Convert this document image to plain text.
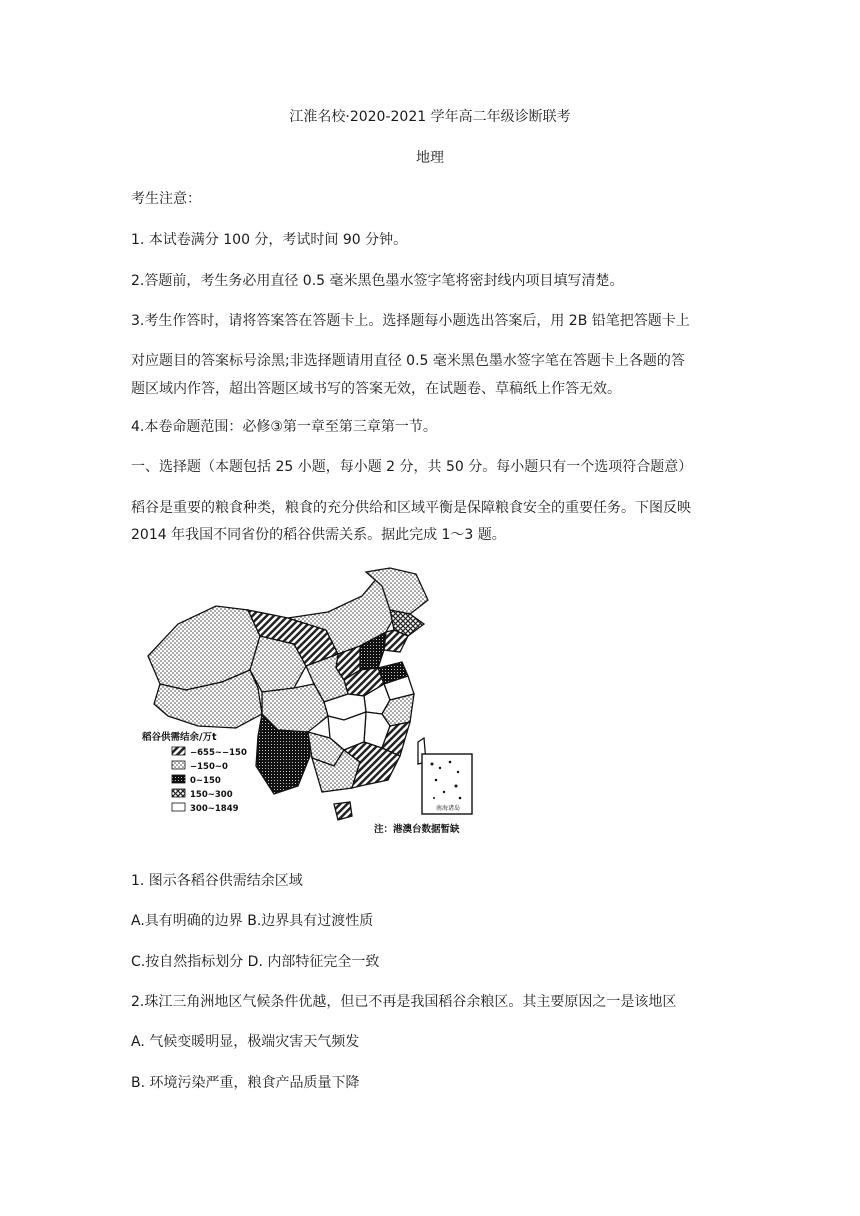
江淮名校·2020-2021 学年高二年级诊断联考
地理
考生注意：
1. 本试卷满分 100 分，考试时间 90 分钟。
2.答题前，考生务必用直径 0.5 毫米黑色墨水签字笔将密封线内项目填写清楚。
3.考生作答时，请将答案答在答题卡上。选择题每小题选出答案后，用 2B 铅笔把答题卡上
对应题目的答案标号涂黑;非选择题请用直径 0.5 毫米黑色墨水签字笔在答题卡上各题的答
题区域内作答，超出答题区域书写的答案无效，在试题卷、草稿纸上作答无效。
4.本卷命题范围：必修③第一章至第三章第一节。
一、选择题（本题包括 25 小题，每小题 2 分，共 50 分。每小题只有一个选项符合题意）
稻谷是重要的粮食种类，粮食的充分供给和区域平衡是保障粮食安全的重要任务。下图反映
2014 年我国不同省份的稻谷供需关系。据此完成 1～3 题。
南海诸岛
稻谷供需结余/万t
−655~−150
−150~0
0~150
150~300
300~1849
注：港澳台数据暂缺
1. 图示各稻谷供需结余区域
A.具有明确的边界 B.边界具有过渡性质
C.按自然指标划分 D. 内部特征完全一致
2.珠江三角洲地区气候条件优越，但已不再是我国稻谷余粮区。其主要原因之一是该地区
A. 气候变暖明显，极端灾害天气频发
B. 环境污染严重，粮食产品质量下降
